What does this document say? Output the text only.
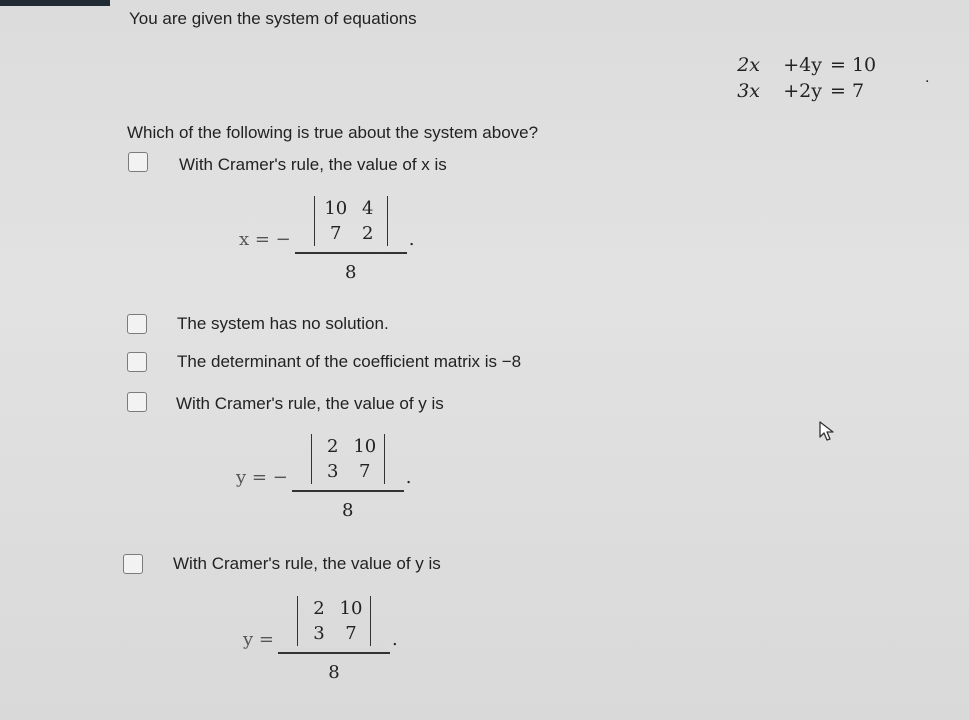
You are given the system of equations
2x	+4y = 10
3x	+2y = 7
.
Which of the following is true about the system above?
With Cramer's rule, the value of x is
x = −
10 4
7	2
8
.
The system has no solution.
The determinant of the coefficient matrix is −8
With Cramer's rule, the value of y is
y = −
2 10
3	7
8
.
With Cramer's rule, the value of y is
y =
2 10
3	7
8
.
